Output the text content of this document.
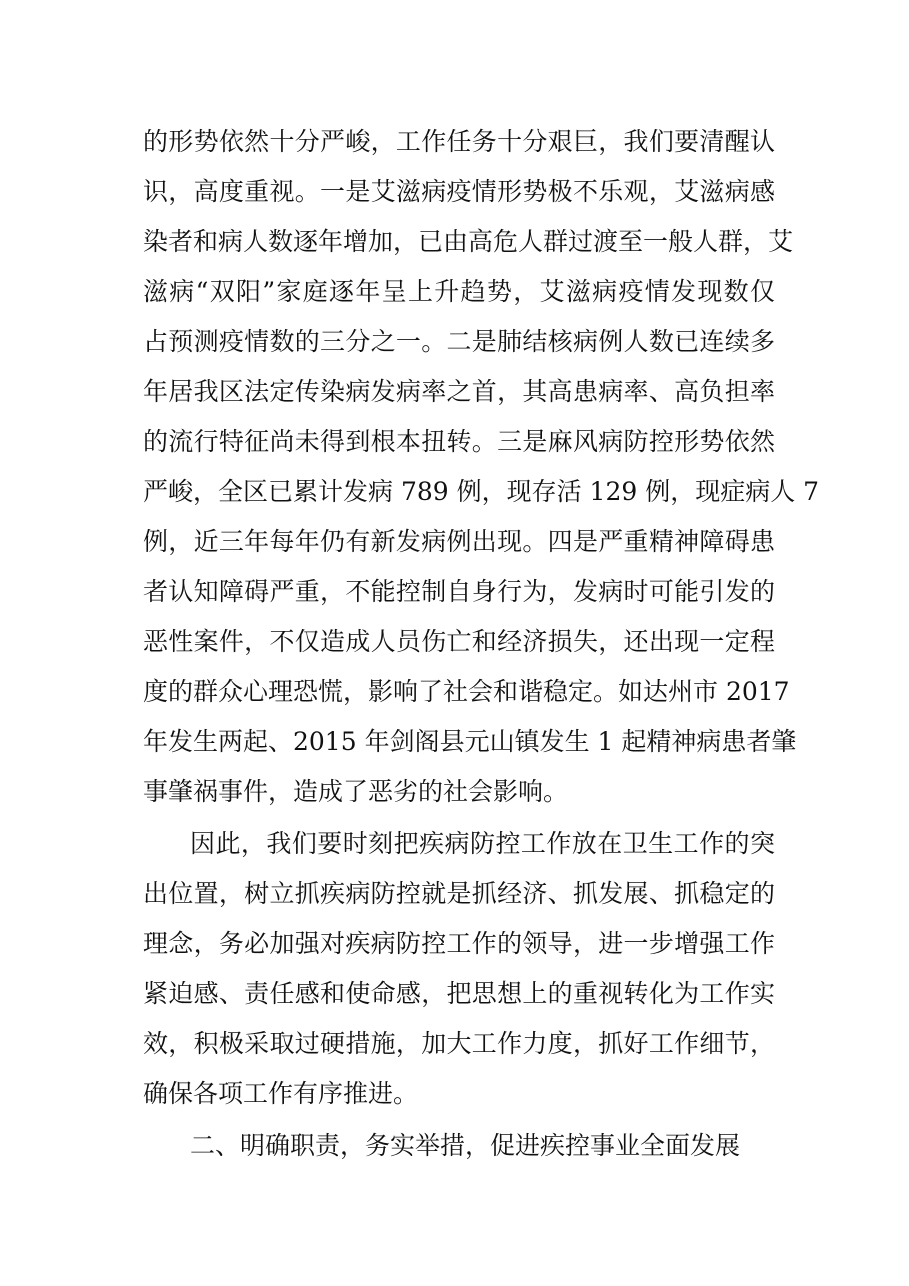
的形势依然十分严峻，工作任务十分艰巨，我们要清醒认
识，高度重视。一是艾滋病疫情形势极不乐观，艾滋病感
染者和病人数逐年增加，已由高危人群过渡至一般人群，艾
滋病“双阳”家庭逐年呈上升趋势，艾滋病疫情发现数仅
占预测疫情数的三分之一。二是肺结核病例人数已连续多
年居我区法定传染病发病率之首，其高患病率、高负担率
的流行特征尚未得到根本扭转。三是麻风病防控形势依然
严峻，全区已累计发病 789 例，现存活 129 例，现症病人 7
例，近三年每年仍有新发病例出现。四是严重精神障碍患
者认知障碍严重，不能控制自身行为，发病时可能引发的
恶性案件，不仅造成人员伤亡和经济损失，还出现一定程
度的群众心理恐慌，影响了社会和谐稳定。如达州市 2017
年发生两起、2015 年剑阁县元山镇发生 1 起精神病患者肇
事肇祸事件，造成了恶劣的社会影响。
因此，我们要时刻把疾病防控工作放在卫生工作的突
出位置，树立抓疾病防控就是抓经济、抓发展、抓稳定的
理念，务必加强对疾病防控工作的领导，进一步增强工作
紧迫感、责任感和使命感，把思想上的重视转化为工作实
效，积极采取过硬措施，加大工作力度，抓好工作细节，
确保各项工作有序推进。
二、明确职责，务实举措，促进疾控事业全面发展
